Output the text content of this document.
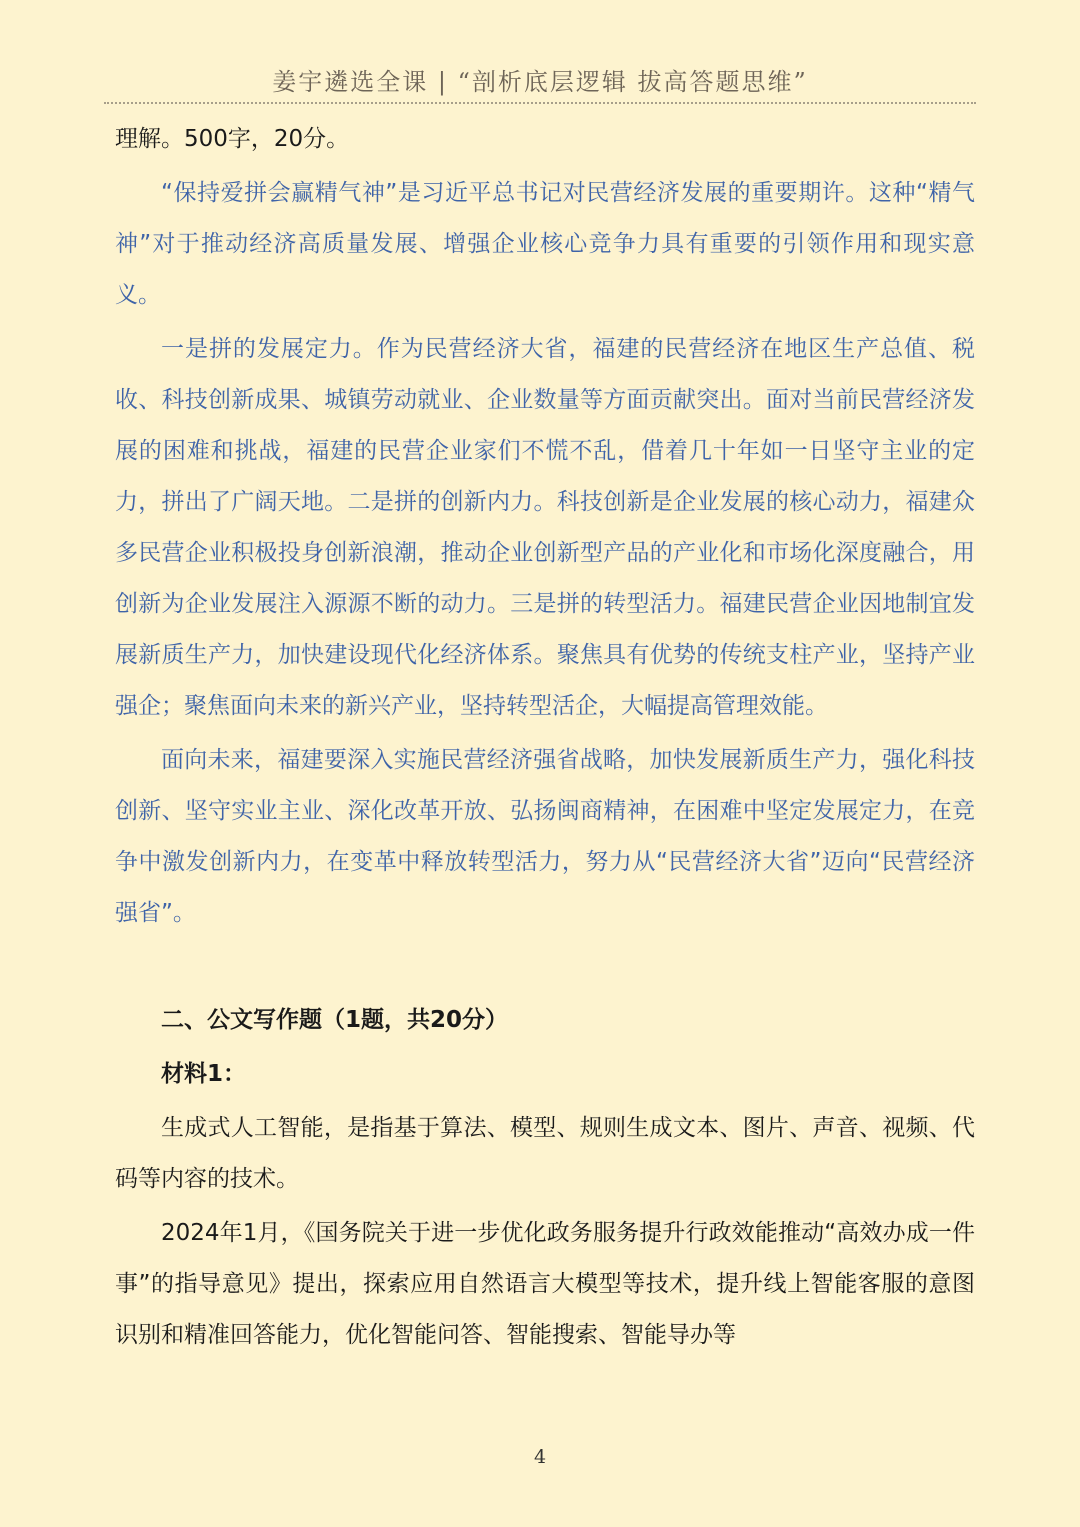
姜宇遴选全课 | “剖析底层逻辑 拔高答题思维”

理解。500字，20分。

“保持爱拼会赢精气神”是习近平总书记对民营经济发展的重要期许。这种“精气神”对于推动经济高质量发展、增强企业核心竞争力具有重要的引领作用和现实意义。

一是拼的发展定力。作为民营经济大省，福建的民营经济在地区生产总值、税收、科技创新成果、城镇劳动就业、企业数量等方面贡献突出。面对当前民营经济发展的困难和挑战，福建的民营企业家们不慌不乱，借着几十年如一日坚守主业的定力，拼出了广阔天地。二是拼的创新内力。科技创新是企业发展的核心动力，福建众多民营企业积极投身创新浪潮，推动企业创新型产品的产业化和市场化深度融合，用创新为企业发展注入源源不断的动力。三是拼的转型活力。福建民营企业因地制宜发展新质生产力，加快建设现代化经济体系。聚焦具有优势的传统支柱产业，坚持产业强企；聚焦面向未来的新兴产业，坚持转型活企，大幅提高管理效能。

面向未来，福建要深入实施民营经济强省战略，加快发展新质生产力，强化科技创新、坚守实业主业、深化改革开放、弘扬闽商精神，在困难中坚定发展定力，在竞争中激发创新内力，在变革中释放转型活力，努力从“民营经济大省”迈向“民营经济强省”。

二、公文写作题（1题，共20分）

材料1：

生成式人工智能，是指基于算法、模型、规则生成文本、图片、声音、视频、代码等内容的技术。

2024年1月，《国务院关于进一步优化政务服务提升行政效能推动“高效办成一件事”的指导意见》提出，探索应用自然语言大模型等技术，提升线上智能客服的意图识别和精准回答能力，优化智能问答、智能搜索、智能导办等

4
